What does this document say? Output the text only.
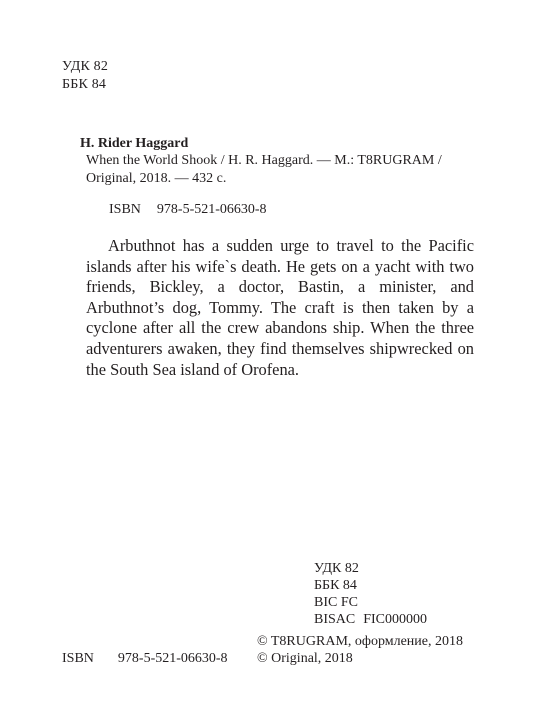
УДК 82
ББК 84
H. Rider Haggard
When the World Shook / H. R. Haggard. — M.: T8RUGRAM /
Original, 2018. — 432 c.
ISBN 978-5-521-06630-8

Arbuthnot has a sudden urge to travel to the Pacific islands after his wife`s death. He gets on a yacht with two friends, Bickley, a doctor, Bastin, a minister, and Arbuthnot’s dog, Tommy. The craft is then taken by a cyclone after all the crew abandons ship. When the three adventurers awaken, they find themselves shipwrecked on the South Sea island of Orofena.

УДК 82
ББК 84
BIC FC
BISAC FIC000000
© T8RUGRAM, оформление, 2018
© Original, 2018
ISBN 978-5-521-06630-8
